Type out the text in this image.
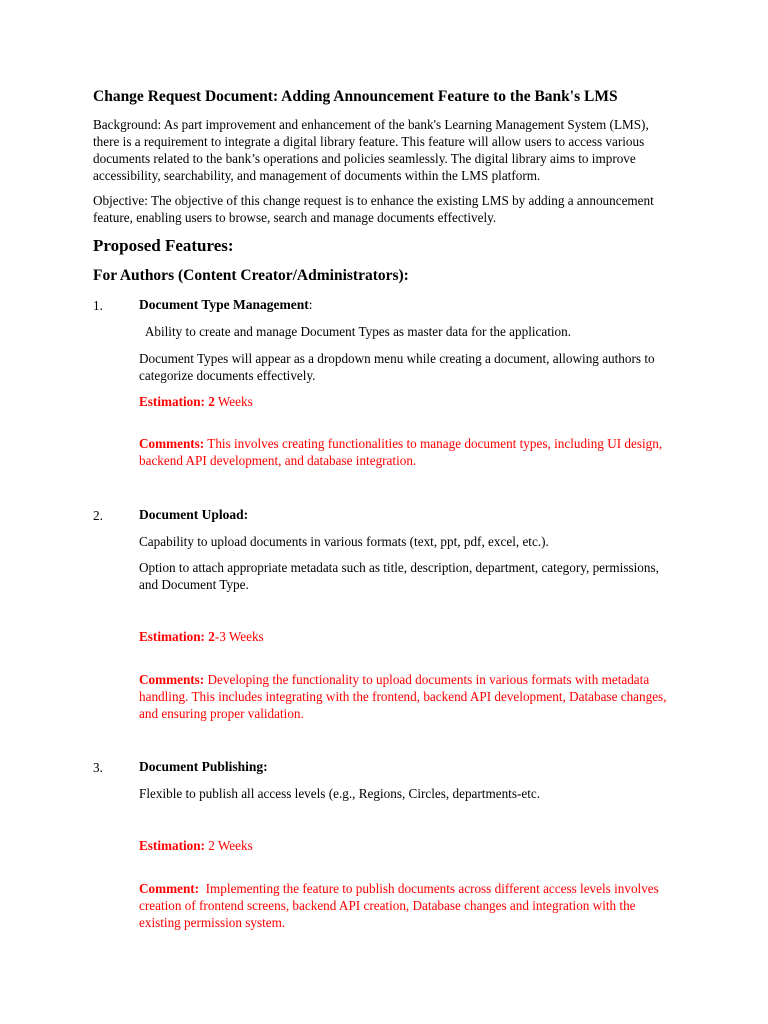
Change Request Document: Adding Announcement Feature to the Bank's LMS
Background: As part improvement and enhancement of the bank's Learning Management System (LMS), there is a requirement to integrate a digital library feature. This feature will allow users to access various documents related to the bank’s operations and policies seamlessly. The digital library aims to improve accessibility, searchability, and management of documents within the LMS platform.
Objective: The objective of this change request is to enhance the existing LMS by adding a announcement feature, enabling users to browse, search and manage documents effectively.
Proposed Features:
For Authors (Content Creator/Administrators):
1.	Document Type Management:
Ability to create and manage Document Types as master data for the application.
Document Types will appear as a dropdown menu while creating a document, allowing authors to categorize documents effectively.
Estimation: 2 Weeks
Comments: This involves creating functionalities to manage document types, including UI design, backend API development, and database integration.
2.	Document Upload:
Capability to upload documents in various formats (text, ppt, pdf, excel, etc.).
Option to attach appropriate metadata such as title, description, department, category, permissions, and Document Type.
Estimation: 2-3 Weeks
Comments: Developing the functionality to upload documents in various formats with metadata handling. This includes integrating with the frontend, backend API development, Database changes, and ensuring proper validation.
3.	Document Publishing:
Flexible to publish all access levels (e.g., Regions, Circles, departments-etc.
Estimation: 2 Weeks
Comment:  Implementing the feature to publish documents across different access levels involves creation of frontend screens, backend API creation, Database changes and integration with the existing permission system.
